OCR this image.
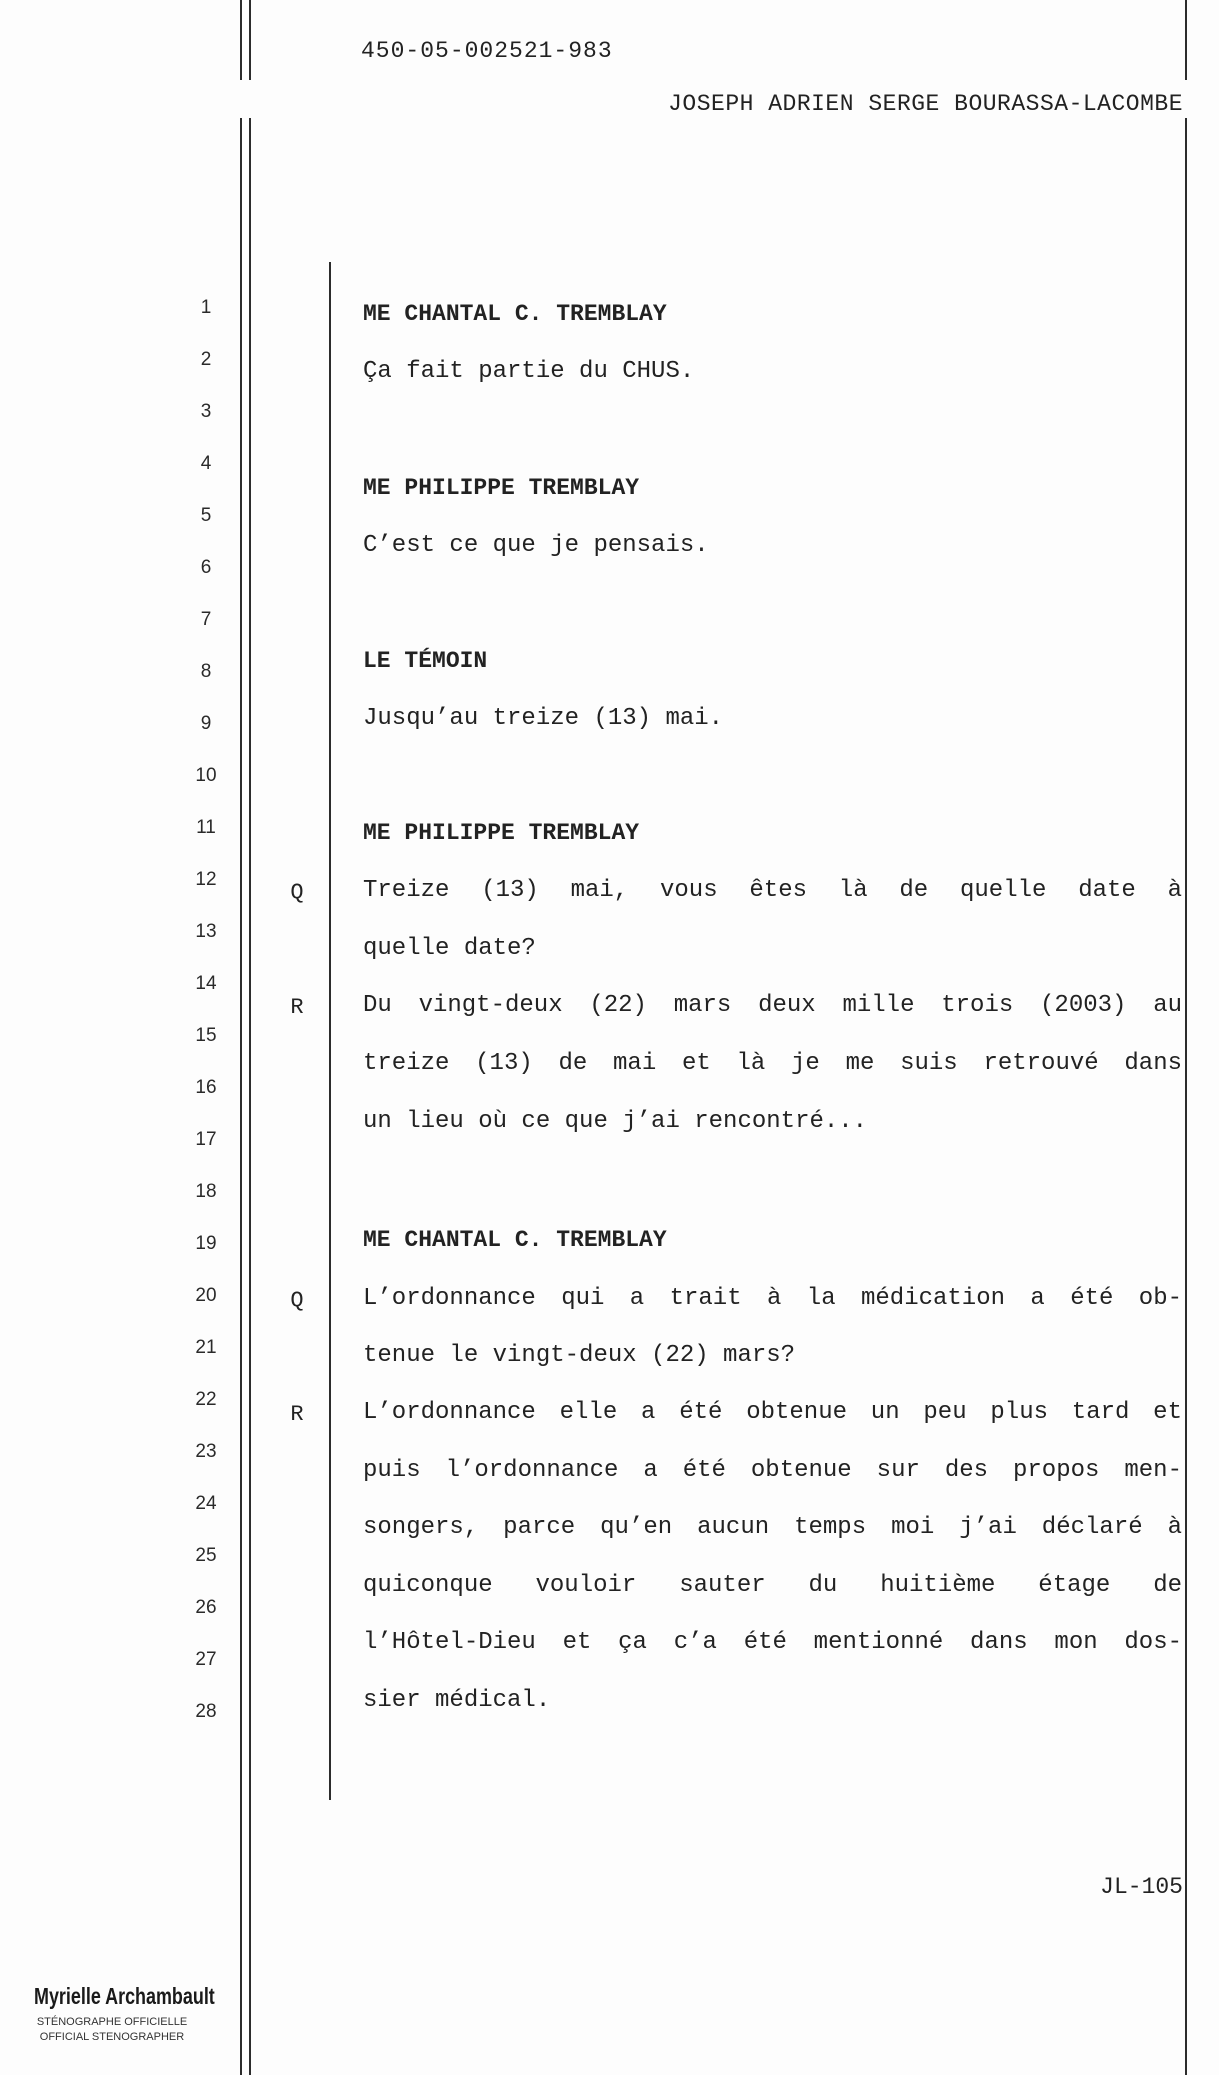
450-05-002521-983
JOSEPH ADRIEN SERGE BOURASSA-LACOMBE
1
2
3
4
5
6
7
8
9
10
11
12
13
14
15
16
17
18
19
20
21
22
23
24
25
26
27
28
ME CHANTAL C. TREMBLAY
Ça fait partie du CHUS.
ME PHILIPPE TREMBLAY
C’est ce que je pensais.
LE TÉMOIN
Jusqu’au treize (13) mai.
ME PHILIPPE TREMBLAY
Q Treize (13) mai, vous êtes là de quelle date à
quelle date?
R Du vingt-deux (22) mars deux mille trois (2003) au
treize (13) de mai et là je me suis retrouvé dans
un lieu où ce que j’ai rencontré...
ME CHANTAL C. TREMBLAY
Q L’ordonnance qui a trait à la médication a été ob-
tenue le vingt-deux (22) mars?
R L’ordonnance elle a été obtenue un peu plus tard et
puis l’ordonnance a été obtenue sur des propos men-
songers, parce qu’en aucun temps moi j’ai déclaré à
quiconque vouloir sauter du huitième étage de
l’Hôtel-Dieu et ça c’a été mentionné dans mon dos-
sier médical.
JL-105
Myrielle Archambault
STÉNOGRAPHE OFFICIELLE
OFFICIAL STENOGRAPHER
